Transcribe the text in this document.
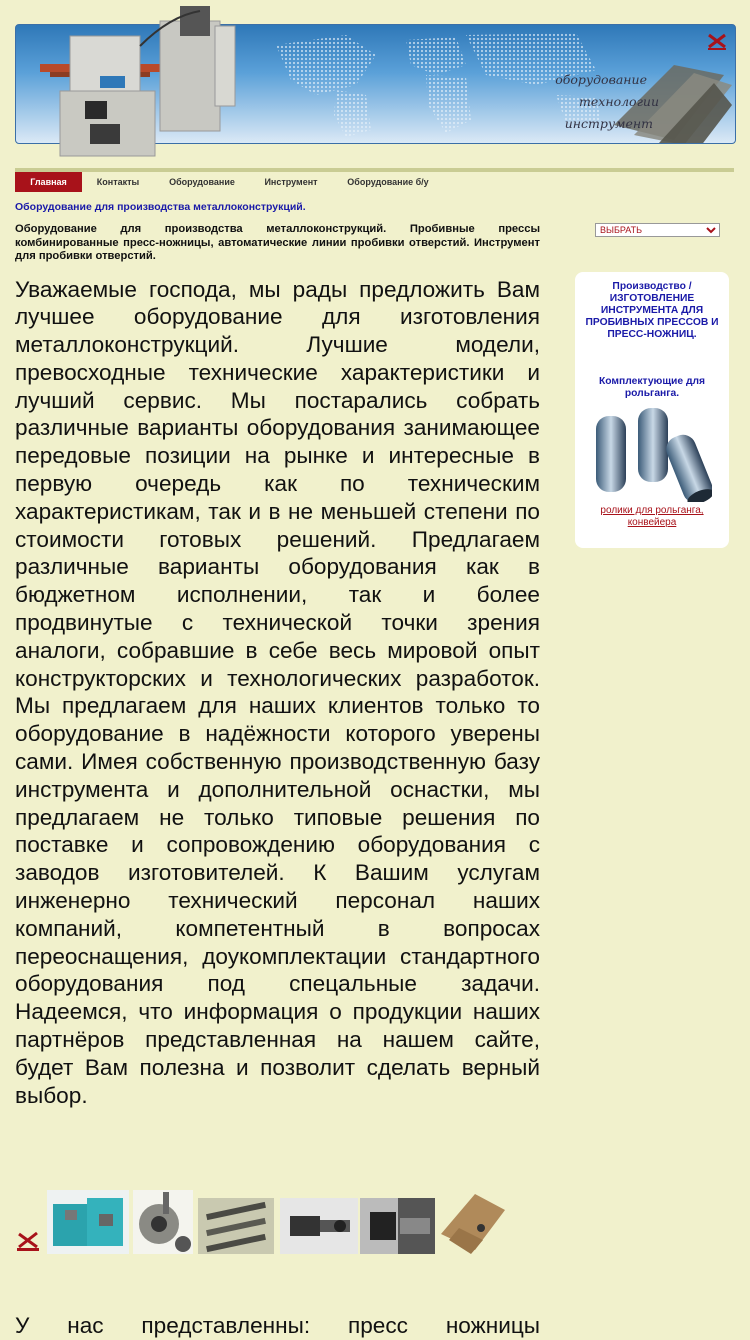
оборудование
технологии
инструмент
Главная	Контакты	Оборудование	Инструмент	Оборудование б/у
Оборудование для производства металлоконструкций.

Оборудование для производства металлоконструкций. Пробивные прессы комбинированные пресс-ножницы, автоматические линии пробивки отверстий. Инструмент для пробивки отверстий.

Уважаемые господа, мы рады предложить Вам лучшее оборудование для изготовления металлоконструкций. Лучшие модели, превосходные технические характеристики и лучший сервис. Мы постарались собрать различные варианты оборудования занимающее передовые позиции на рынке и интересные в первую очередь как по техническим характеристикам, так и в не меньшей степени по стоимости готовых решений. Предлагаем различные варианты оборудования как в бюджетном исполнении, так и более продвинутые с технической точки зрения аналоги, собравшие в себе весь мировой опыт конструкторских и технологических разработок. Мы предлагаем для наших клиентов только то оборудование в надёжности которого уверены сами. Имея собственную производственную базу инструмента и дополнительной оснастки, мы предлагаем не только типовые решения по поставке и сопровождению оборудования с заводов изготовителей. К Вашим услугам инженерно технический персонал наших компаний, компетентный в вопросах переоснащения, доукомплектации стандартного оборудования под спецальные задачи. Надеемся, что информация о продукции наших партнёров представленная на нашем сайте, будет Вам полезна и позволит сделать верный выбор.

ВЫБРАТЬ
Производство / ИЗГОТОВЛЕНИЕ ИНСТРУМЕНТА ДЛЯ ПРОБИВНЫХ ПРЕССОВ И ПРЕСС-НОЖНИЦ.
Комплектующие для рольганга.
ролики для рольганга, конвейера

У нас представленны: пресс ножницы
